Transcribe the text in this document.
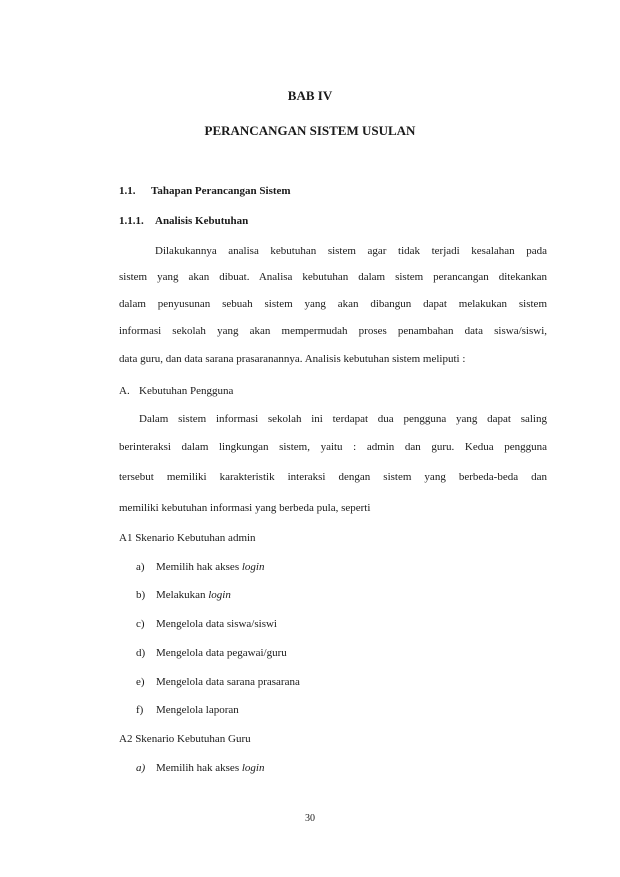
BAB IV
PERANCANGAN SISTEM USULAN
1.1. Tahapan Perancangan Sistem
1.1.1. Analisis Kebutuhan
Dilakukannya analisa kebutuhan sistem agar tidak terjadi kesalahan pada
sistem yang akan dibuat. Analisa kebutuhan dalam sistem perancangan ditekankan
dalam penyusunan sebuah sistem yang akan dibangun dapat melakukan sistem
informasi sekolah yang akan mempermudah proses penambahan data siswa/siswi,
data guru, dan data sarana prasaranannya. Analisis kebutuhan sistem meliputi :
A. Kebutuhan Pengguna
Dalam sistem informasi sekolah ini terdapat dua pengguna yang dapat saling
berinteraksi dalam lingkungan sistem, yaitu : admin dan guru. Kedua pengguna
tersebut memiliki karakteristik interaksi dengan sistem yang berbeda-beda dan
memiliki kebutuhan informasi yang berbeda pula, seperti
A1 Skenario Kebutuhan admin
a) Memilih hak akses login
b) Melakukan login
c) Mengelola data siswa/siswi
d) Mengelola data pegawai/guru
e) Mengelola data sarana prasarana
f) Mengelola laporan
A2 Skenario Kebutuhan Guru
a) Memilih hak akses login
30
